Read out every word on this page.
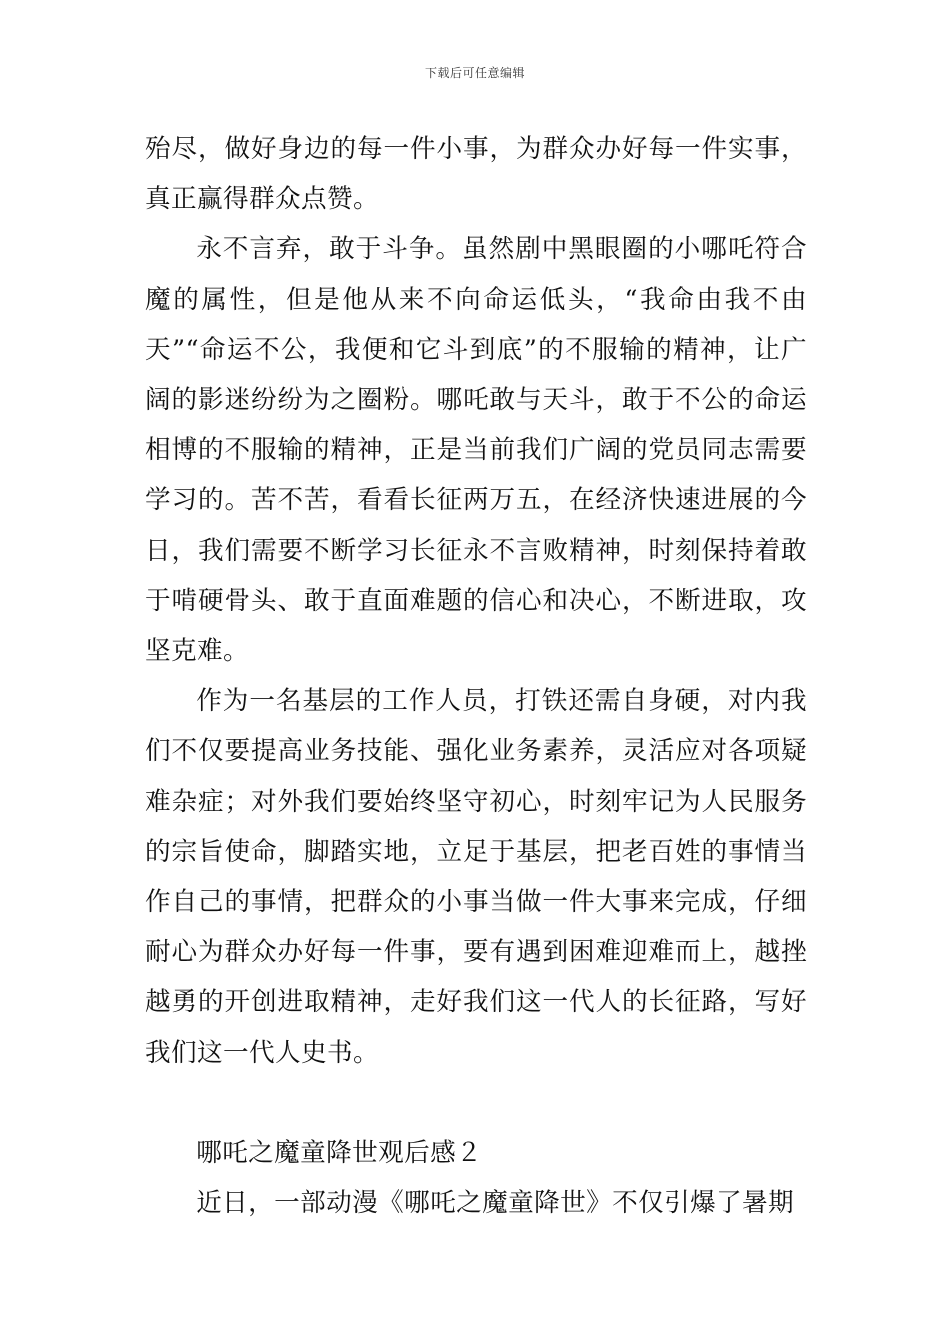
下载后可任意编辑

殆尽，做好身边的每一件小事，为群众办好每一件实事，真正赢得群众点赞。

永不言弃，敢于斗争。虽然剧中黑眼圈的小哪吒符合魔的属性，但是他从来不向命运低头，“我命由我不由天”“命运不公，我便和它斗到底”的不服输的精神，让广阔的影迷纷纷为之圈粉。哪吒敢与天斗，敢于不公的命运相博的不服输的精神，正是当前我们广阔的党员同志需要学习的。苦不苦，看看长征两万五，在经济快速进展的今日，我们需要不断学习长征永不言败精神，时刻保持着敢于啃硬骨头、敢于直面难题的信心和决心，不断进取，攻坚克难。

作为一名基层的工作人员，打铁还需自身硬，对内我们不仅要提高业务技能、强化业务素养，灵活应对各项疑难杂症；对外我们要始终坚守初心，时刻牢记为人民服务的宗旨使命，脚踏实地，立足于基层，把老百姓的事情当作自己的事情，把群众的小事当做一件大事来完成，仔细耐心为群众办好每一件事，要有遇到困难迎难而上，越挫越勇的开创进取精神，走好我们这一代人的长征路，写好我们这一代人史书。

哪吒之魔童降世观后感２

近日，一部动漫《哪吒之魔童降世》不仅引爆了暑期
